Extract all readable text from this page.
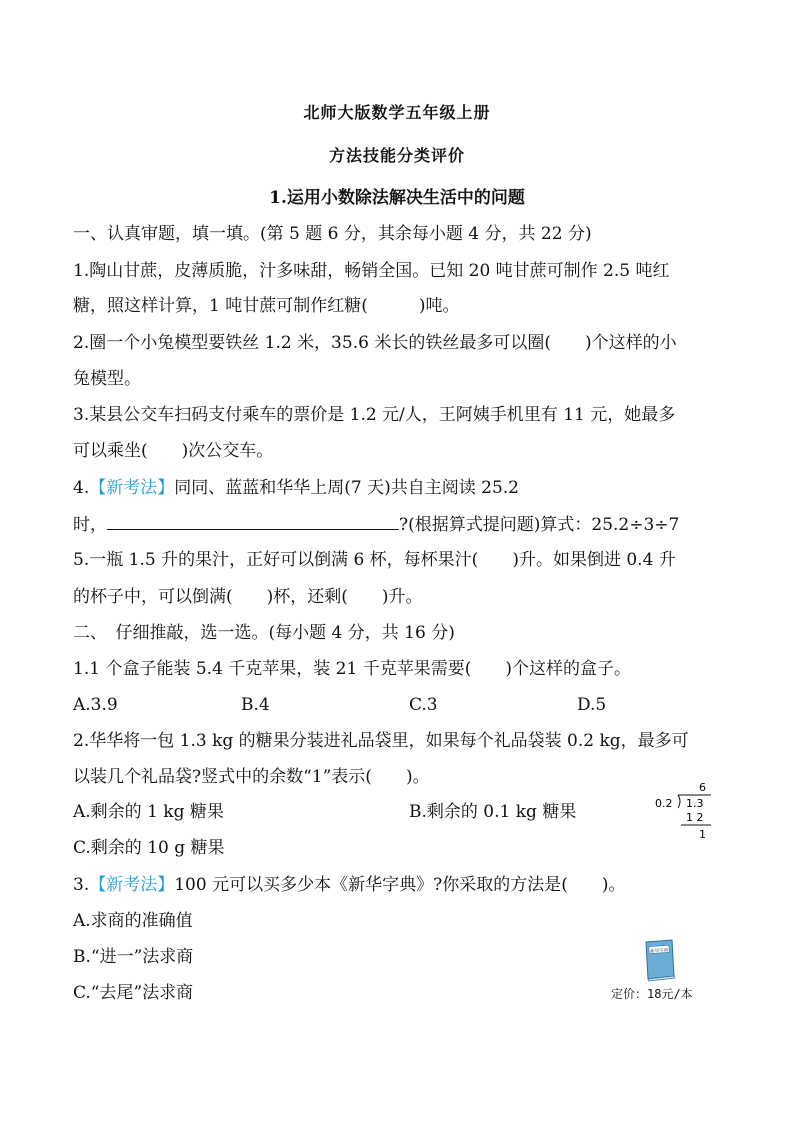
北师大版数学五年级上册
方法技能分类评价
1.运用小数除法解决生活中的问题
一、认真审题，填一填。(第 5 题 6 分，其余每小题 4 分，共 22 分)
1.陶山甘蔗，皮薄质脆，汁多味甜，畅销全国。已知 20 吨甘蔗可制作 2.5 吨红
糖，照这样计算，1 吨甘蔗可制作红糖(　　　)吨。
2.圈一个小兔模型要铁丝 1.2 米，35.6 米长的铁丝最多可以圈(　　)个这样的小
兔模型。
3.某县公交车扫码支付乘车的票价是 1.2 元/人，王阿姨手机里有 11 元，她最多
可以乘坐(　　)次公交车。
4.【新考法】同同、蓝蓝和华华上周(7 天)共自主阅读 25.2
时，	?(根据算式提问题)算式：25.2÷3÷7
5.一瓶 1.5 升的果汁，正好可以倒满 6 杯，每杯果汁(　　)升。如果倒进 0.4 升
的杯子中，可以倒满(　　)杯，还剩(　　)升。
二、　仔细推敲，选一选。(每小题 4 分，共 16 分)
1.1 个盒子能装 5.4 千克苹果，装 21 千克苹果需要(　　)个这样的盒子。
A.3.9	B.4	C.3	D.5
2.华华将一包 1.3 kg 的糖果分装进礼品袋里，如果每个礼品袋装 0.2 kg，最多可
以装几个礼品袋?竖式中的余数“1”表示(　　)。
A.剩余的 1 kg 糖果	B.剩余的 0.1 kg 糖果
C.剩余的 10 g 糖果
6
0.2 1.3
1 2
1
3.【新考法】100 元可以买多少本《新华字典》?你采取的方法是(　　)。
A.求商的准确值
B.“进一”法求商
C.“去尾”法求商
新华字典
定价：18元/本
